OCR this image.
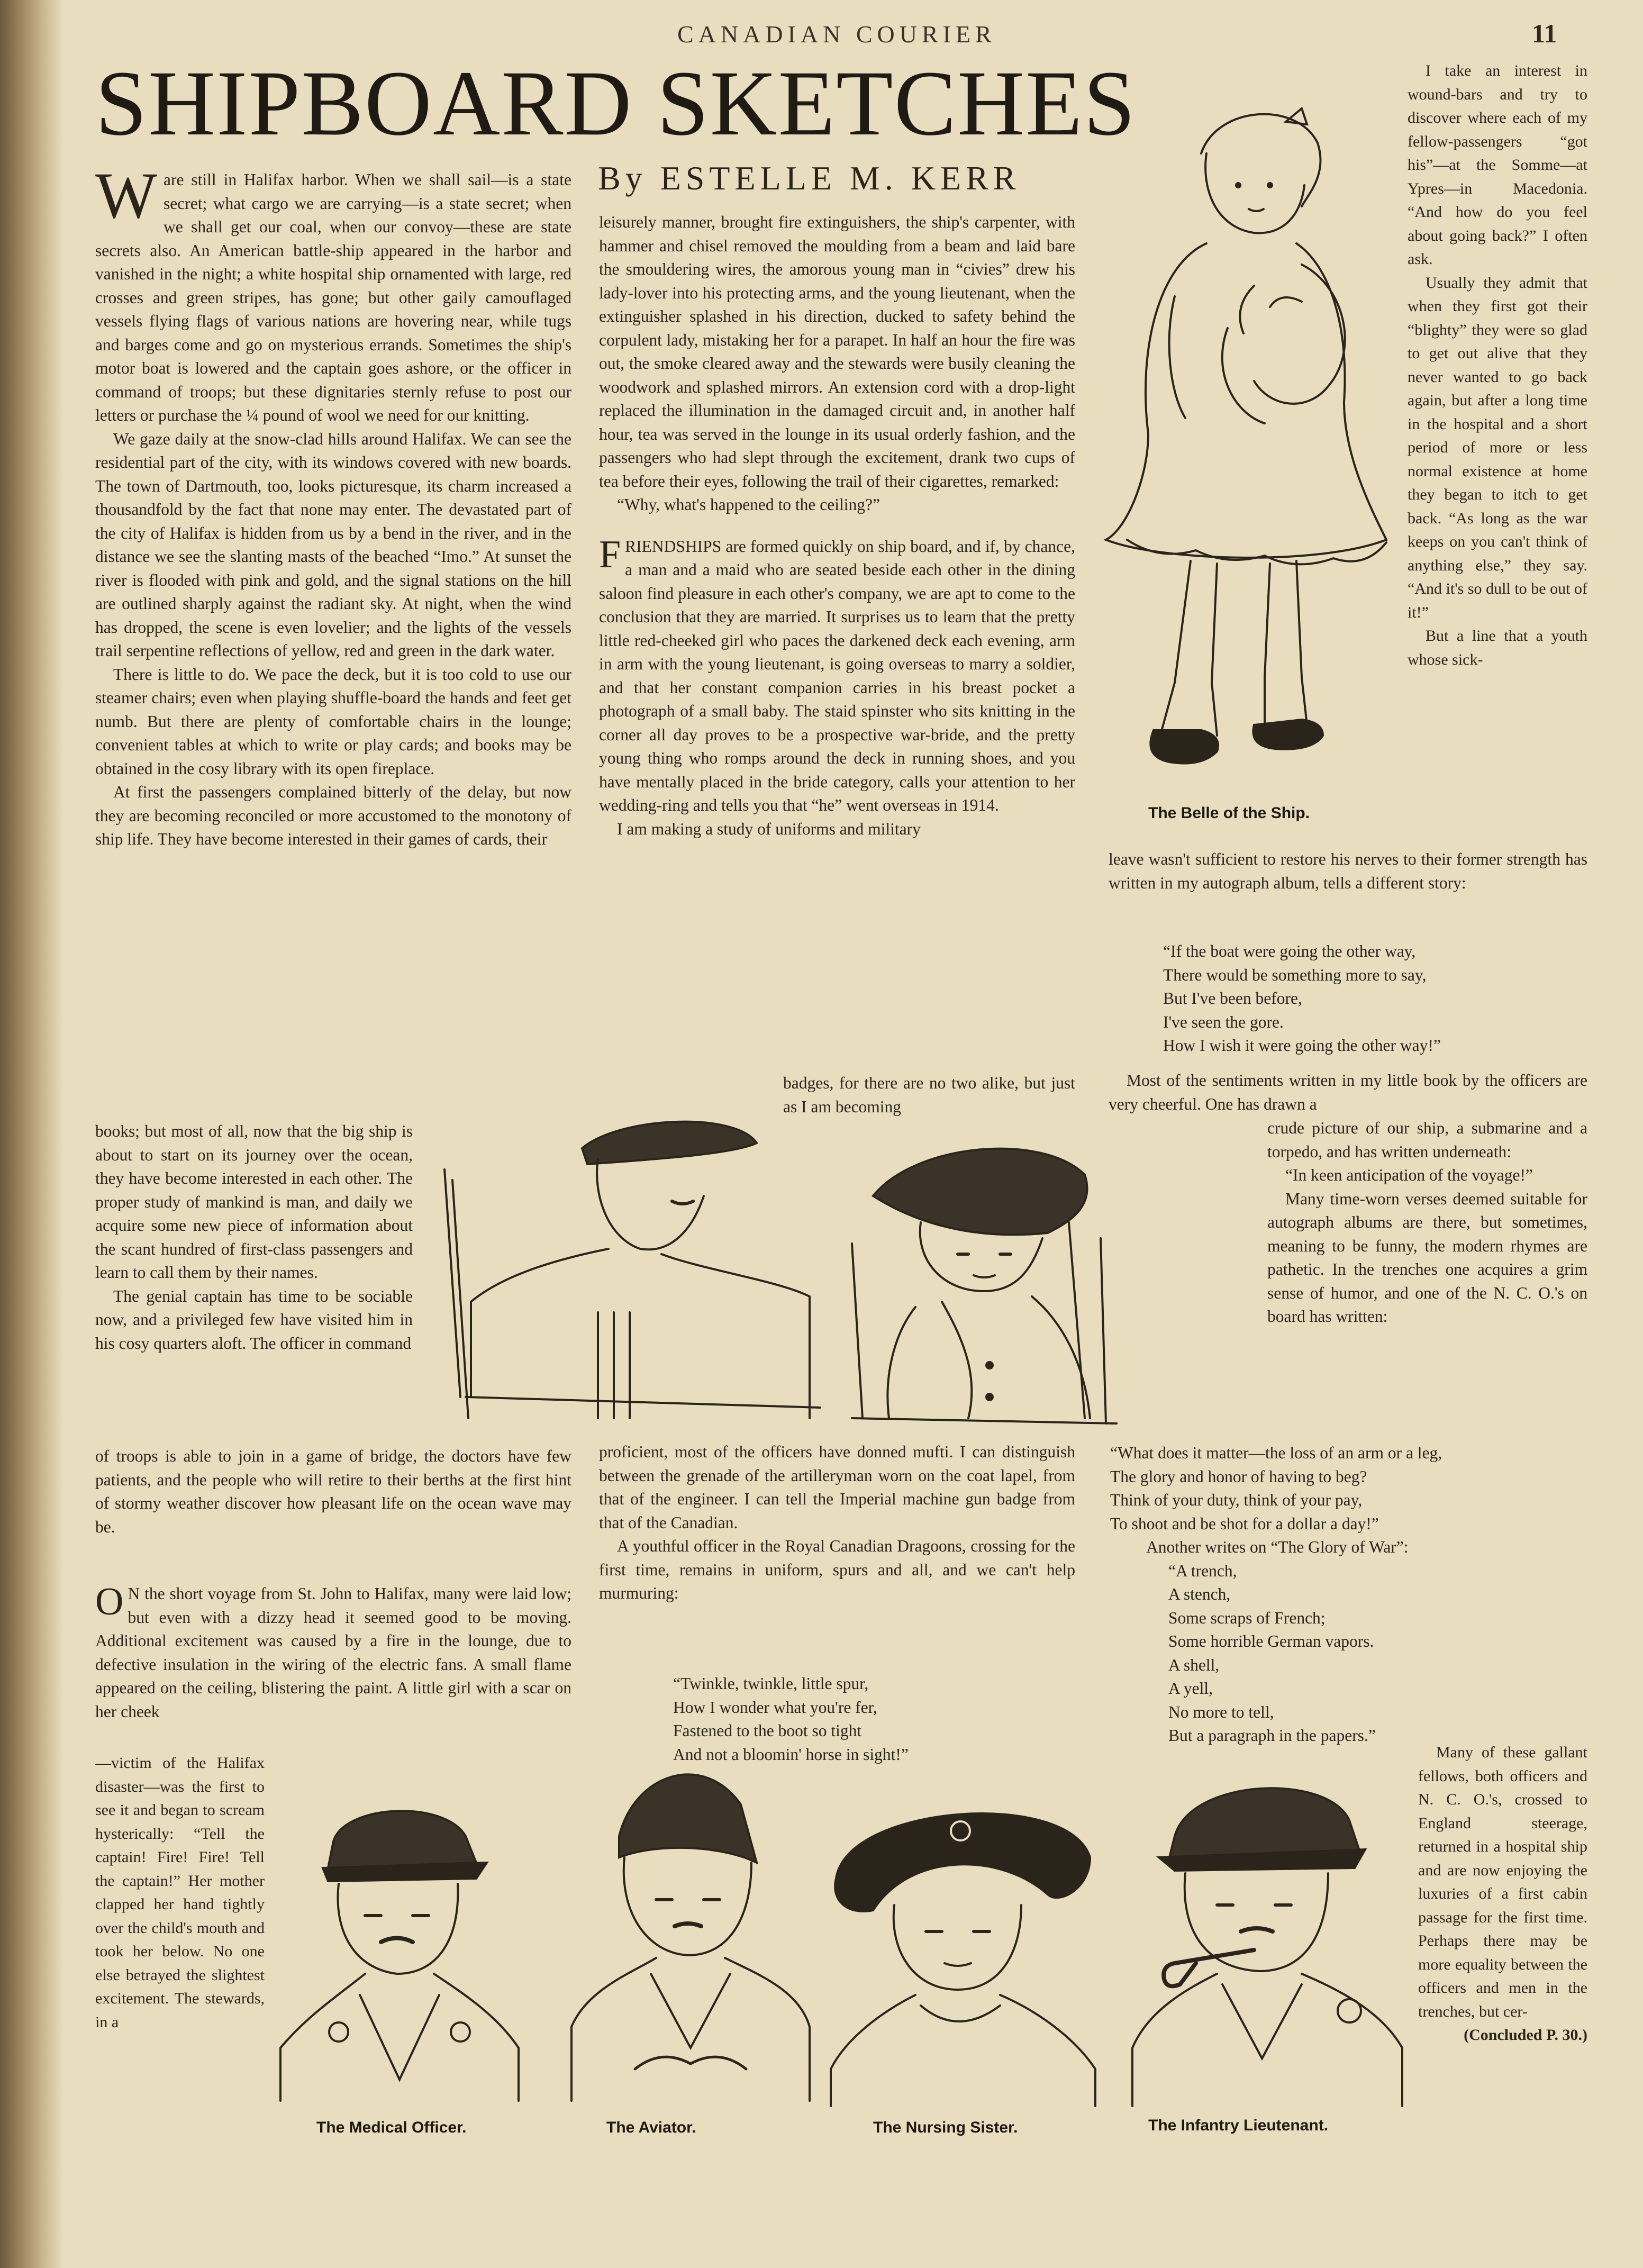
CANADIAN COURIER	11
SHIPBOARD SKETCHES
By ESTELLE M. KERR

Ware still in Halifax harbor. When we shall sail—is a state secret; what cargo we are carrying—is a state secret; when we shall get our coal, when our convoy—these are state secrets also. An American battle-ship appeared in the harbor and vanished in the night; a white hospital ship ornamented with large, red crosses and green stripes, has gone; but other gaily camouflaged vessels flying flags of various nations are hovering near, while tugs and barges come and go on mysterious errands. Sometimes the ship's motor boat is lowered and the captain goes ashore, or the officer in command of troops; but these dignitaries sternly refuse to post our letters or purchase the ¼ pound of wool we need for our knitting.

We gaze daily at the snow-clad hills around Halifax. We can see the residential part of the city, with its windows covered with new boards. The town of Dartmouth, too, looks picturesque, its charm increased a thousandfold by the fact that none may enter. The devastated part of the city of Halifax is hidden from us by a bend in the river, and in the distance we see the slanting masts of the beached “Imo.” At sunset the river is flooded with pink and gold, and the signal stations on the hill are outlined sharply against the radiant sky. At night, when the wind has dropped, the scene is even lovelier; and the lights of the vessels trail serpentine reflections of yellow, red and green in the dark water.

There is little to do. We pace the deck, but it is too cold to use our steamer chairs; even when playing shuffle-board the hands and feet get numb. But there are plenty of comfortable chairs in the lounge; convenient tables at which to write or play cards; and books may be obtained in the cosy library with its open fireplace.

At first the passengers complained bitterly of the delay, but now they are becoming reconciled or more accustomed to the monotony of ship life. They have become interested in their games of cards, their

books; but most of all, now that the big ship is about to start on its journey over the ocean, they have become interested in each other. The proper study of mankind is man, and daily we acquire some new piece of information about the scant hundred of first-class passengers and learn to call them by their names.

The genial captain has time to be sociable now, and a privileged few have visited him in his cosy quarters aloft. The officer in command

of troops is able to join in a game of bridge, the doctors have few patients, and the people who will retire to their berths at the first hint of stormy weather discover how pleasant life on the ocean wave may be.

O N the short voyage from St. John to Halifax, many were laid low; but even with a dizzy head it seemed good to be moving. Additional excitement was caused by a fire in the lounge, due to defective insulation in the wiring of the electric fans. A small flame appeared on the ceiling, blistering the paint. A little girl with a scar on her cheek

—victim of the Halifax disaster—was the first to see it and began to scream hysterically: “Tell the captain! Fire! Fire! Tell the captain!” Her mother clapped her hand tightly over the child's mouth and took her below. No one else betrayed the slightest excitement. The stewards, in a

leisurely manner, brought fire extinguishers, the ship's carpenter, with hammer and chisel removed the moulding from a beam and laid bare the smouldering wires, the amorous young man in “civies” drew his lady-lover into his protecting arms, and the young lieutenant, when the extinguisher splashed in his direction, ducked to safety behind the corpulent lady, mistaking her for a parapet. In half an hour the fire was out, the smoke cleared away and the stewards were busily cleaning the woodwork and splashed mirrors. An extension cord with a drop-light replaced the illumination in the damaged circuit and, in another half hour, tea was served in the lounge in its usual orderly fashion, and the passengers who had slept through the excitement, drank two cups of tea before their eyes, following the trail of their cigarettes, remarked:

“Why, what's happened to the ceiling?”

FRIENDSHIPS are formed quickly on ship board, and if, by chance, a man and a maid who are seated beside each other in the dining saloon find pleasure in each other's company, we are apt to come to the conclusion that they are married. It surprises us to learn that the pretty little red-cheeked girl who paces the darkened deck each evening, arm in arm with the young lieutenant, is going overseas to marry a soldier, and that her constant companion carries in his breast pocket a photograph of a small baby. The staid spinster who sits knitting in the corner all day proves to be a prospective war-bride, and the pretty young thing who romps around the deck in running shoes, and you have mentally placed in the bride category, calls your attention to her wedding-ring and tells you that “he” went overseas in 1914.

I am making a study of uniforms and military

badges, for there are no two alike, but just as I am becoming

proficient, most of the officers have donned mufti. I can distinguish between the grenade of the artilleryman worn on the coat lapel, from that of the engineer. I can tell the Imperial machine gun badge from that of the Canadian.

A youthful officer in the Royal Canadian Dragoons, crossing for the first time, remains in uniform, spurs and all, and we can't help murmuring:

“Twinkle, twinkle, little spur,
How I wonder what you're fer,
Fastened to the boot so tight
And not a bloomin' horse in sight!”

I take an interest in wound-bars and try to discover where each of my fellow-passengers “got his”—at the Somme—at Ypres—in Macedonia. “And how do you feel about going back?” I often ask.

Usually they admit that when they first got their “blighty” they were so glad to get out alive that they never wanted to go back again, but after a long time in the hospital and a short period of more or less normal existence at home they began to itch to get back. “As long as the war keeps on you can't think of anything else,” they say. “And it's so dull to be out of it!”

But a line that a youth whose sick-

The Belle of the Ship.

leave wasn't sufficient to restore his nerves to their former strength has written in my autograph album, tells a different story:

“If the boat were going the other way,
There would be something more to say,
But I've been before,
I've seen the gore.
How I wish it were going the other way!”

Most of the sentiments written in my little book by the officers are very cheerful. One has drawn a

crude picture of our ship, a submarine and a torpedo, and has written underneath:

“In keen anticipation of the voyage!”

Many time-worn verses deemed suitable for autograph albums are there, but sometimes, meaning to be funny, the modern rhymes are pathetic. In the trenches one acquires a grim sense of humor, and one of the N. C. O.'s on board has written:

“What does it matter—the loss of an arm or a leg,
The glory and honor of having to beg?
Think of your duty, think of your pay,
To shoot and be shot for a dollar a day!”
Another writes on “The Glory of War”:
“A trench,
A stench,
Some scraps of French;
Some horrible German vapors.
A shell,
A yell,
No more to tell,
But a paragraph in the papers.”

Many of these gallant fellows, both officers and N. C. O.'s, crossed to England steerage, returned in a hospital ship and are now enjoying the luxuries of a first cabin passage for the first time. Perhaps there may be more equality between the officers and men in the trenches, but cer-

(Concluded P. 30.)

The Medical Officer.	The Aviator.	The Nursing Sister.	The Infantry Lieutenant.
